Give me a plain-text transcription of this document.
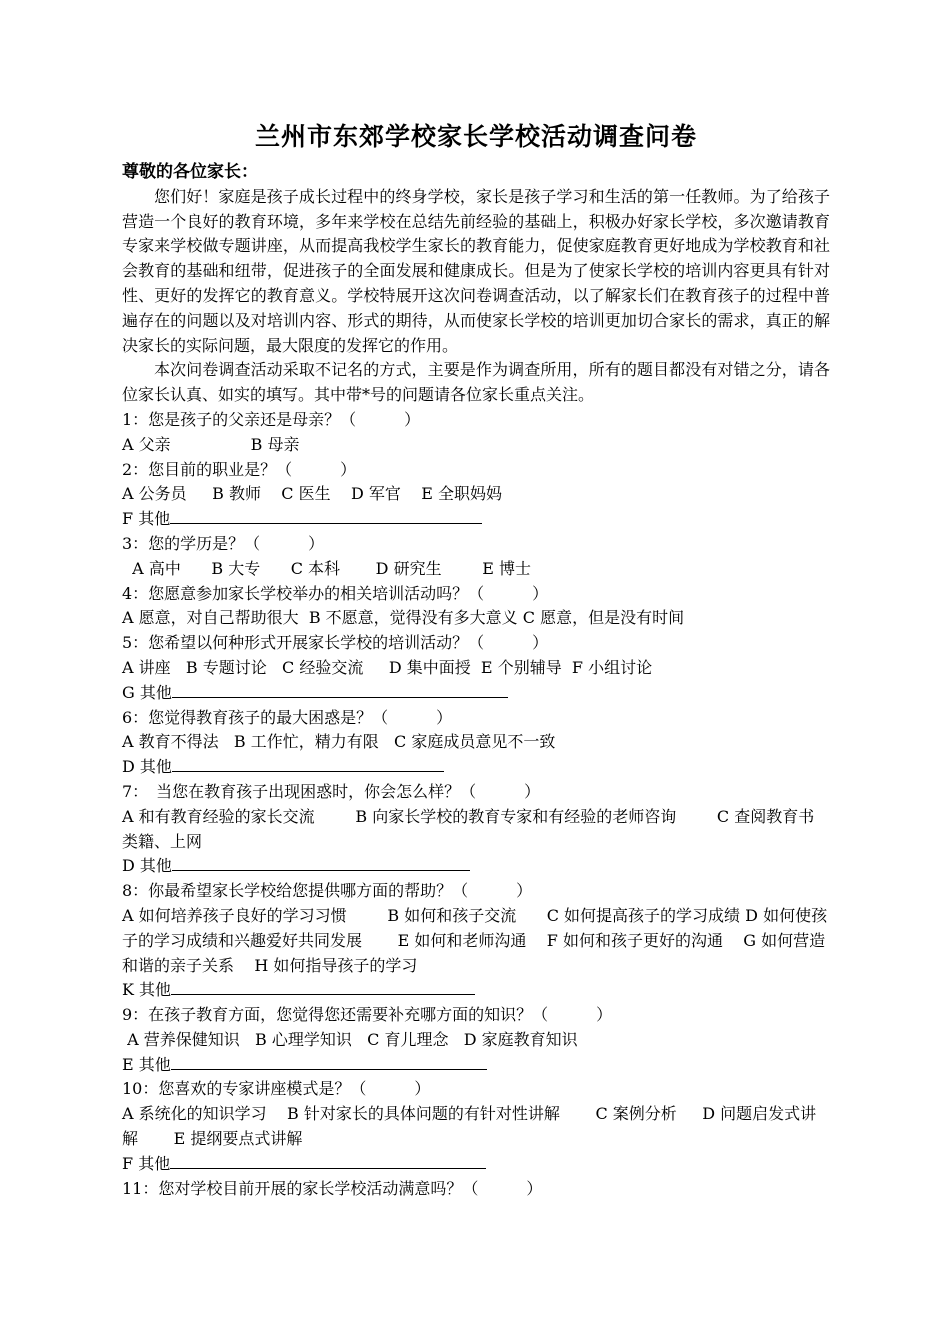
兰州市东郊学校家长学校活动调查问卷

尊敬的各位家长：

您们好！家庭是孩子成长过程中的终身学校，家长是孩子学习和生活的第一任教师。为了给孩子营造一个良好的教育环境，多年来学校在总结先前经验的基础上，积极办好家长学校，多次邀请教育专家来学校做专题讲座，从而提高我校学生家长的教育能力，促使家庭教育更好地成为学校教育和社会教育的基础和纽带，促进孩子的全面发展和健康成长。但是为了使家长学校的培训内容更具有针对性、更好的发挥它的教育意义。学校特展开这次问卷调查活动，以了解家长们在教育孩子的过程中普遍存在的问题以及对培训内容、形式的期待，从而使家长学校的培训更加切合家长的需求，真正的解决家长的实际问题，最大限度的发挥它的作用。

本次问卷调查活动采取不记名的方式，主要是作为调查所用，所有的题目都没有对错之分，请各位家长认真、如实的填写。其中带*号的问题请各位家长重点关注。

1：您是孩子的父亲还是母亲？（　　　）

A 父亲	B 母亲

2：您目前的职业是？（　　　）

A 公务员 B 教师 C 医生 D 军官 E 全职妈妈

F 其他

3：您的学历是？（　　　）

A 高中 B 大专 C 本科 D 研究生	E 博士

4：您愿意参加家长学校举办的相关培训活动吗？（　　　）

A 愿意，对自己帮助很大 B 不愿意，觉得没有多大意义 C 愿意，但是没有时间

5：您希望以何种形式开展家长学校的培训活动？（　　　）

A 讲座 B 专题讨论 C 经验交流 D 集中面授 E 个别辅导 F 小组讨论

G 其他

6：您觉得教育孩子的最大困惑是？（　　　）

A 教育不得法 B 工作忙，精力有限 C 家庭成员意见不一致

D 其他

7：　当您在教育孩子出现困惑时，你会怎么样？（　　　）

A 和有教育经验的家长交流	B 向家长学校的教育专家和有经验的老师咨询	C 查阅教育书类籍、上网

D 其他

8：你最希望家长学校给您提供哪方面的帮助？（　　　）

A 如何培养孩子良好的学习习惯	B 如何和孩子交流 C 如何提高孩子的学习成绩 D 如何使孩子的学习成绩和兴趣爱好共同发展 E 如何和老师沟通 F 如何和孩子更好的沟通 G 如何营造和谐的亲子关系 H 如何指导孩子的学习

K 其他

9：在孩子教育方面，您觉得您还需要补充哪方面的知识？（　　　）

A 营养保健知识 B 心理学知识 C 育儿理念 D 家庭教育知识

E 其他

10：您喜欢的专家讲座模式是？（　　　）

A 系统化的知识学习 B 针对家长的具体问题的有针对性讲解 C 案例分析 D 问题启发式讲解 E 提纲要点式讲解

F 其他

11：您对学校目前开展的家长学校活动满意吗？（　　　）
